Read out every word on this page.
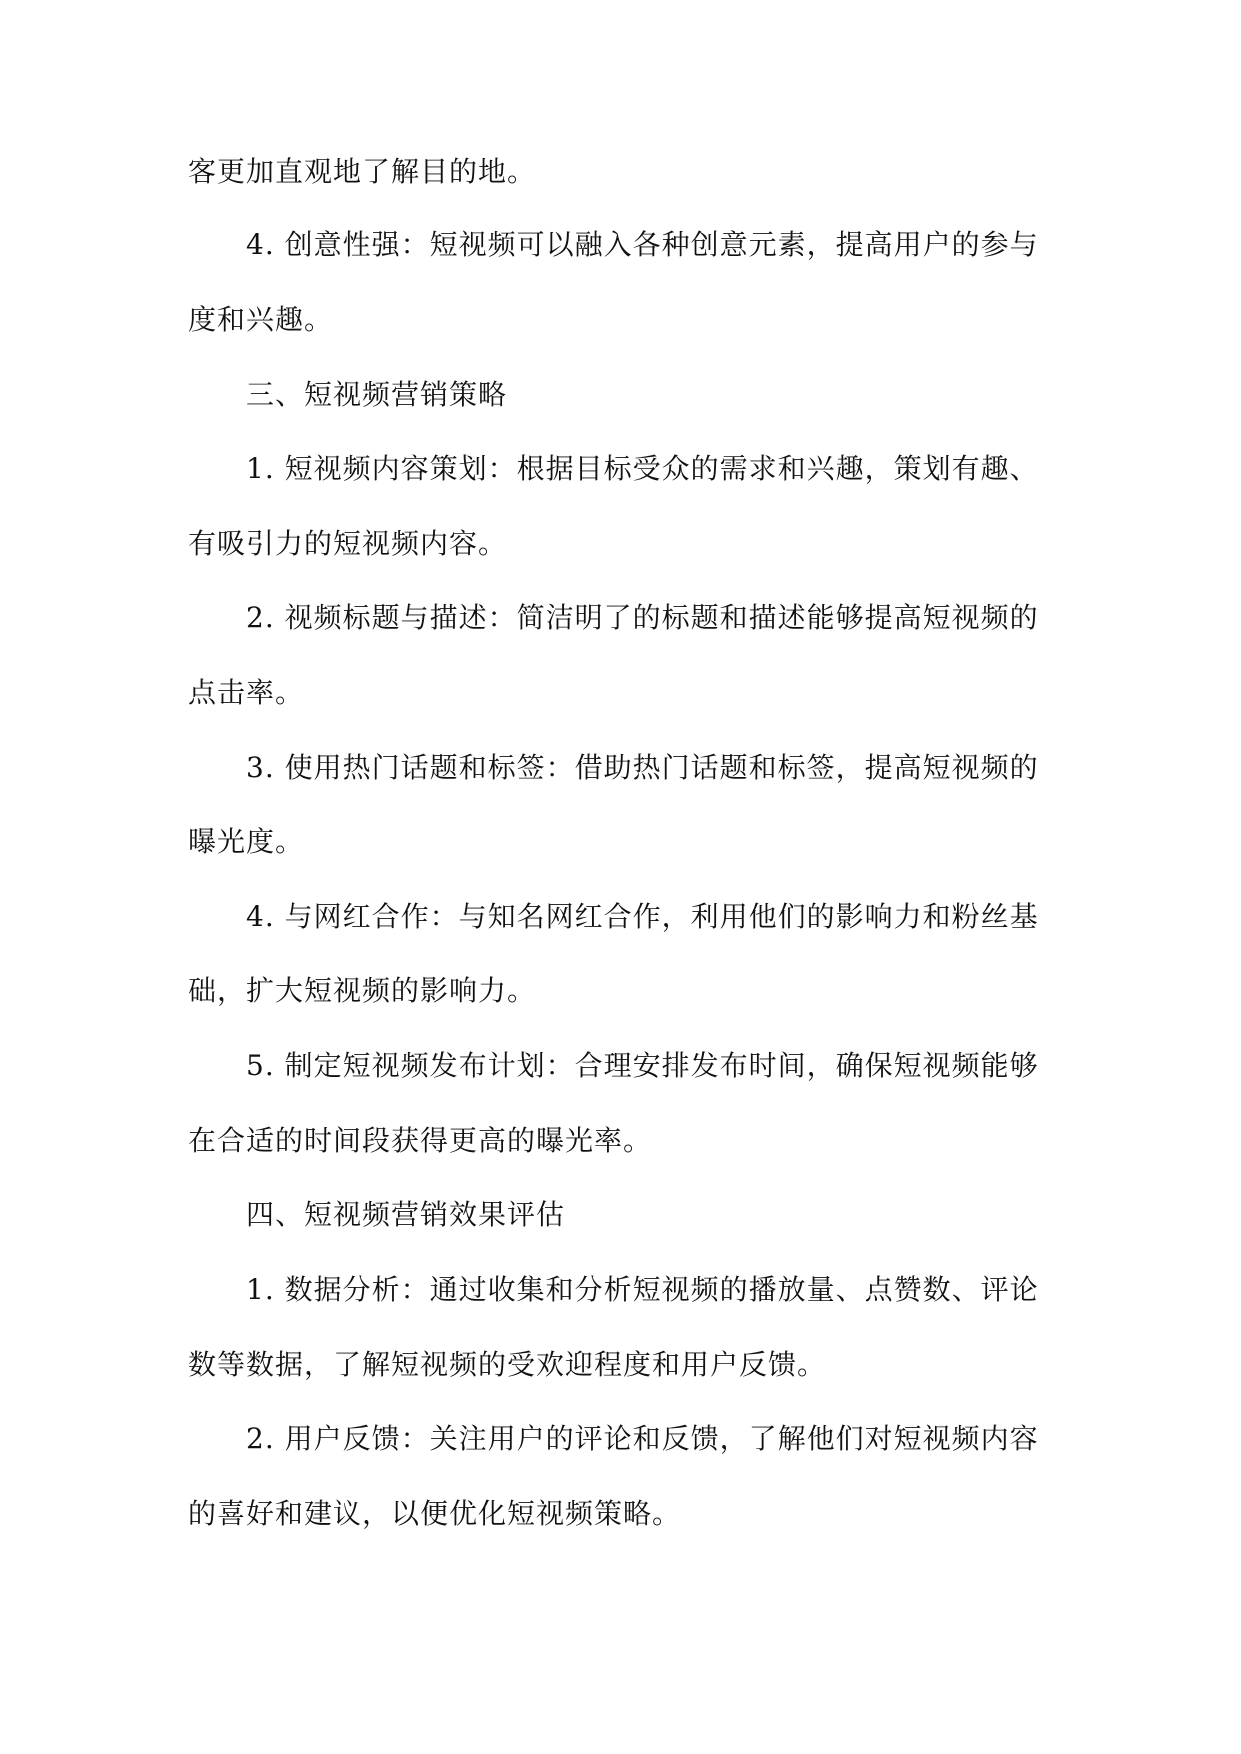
客更加直观地了解目的地。
4. 创意性强：短视频可以融入各种创意元素，提高用户的参与
度和兴趣。
三、短视频营销策略
1. 短视频内容策划：根据目标受众的需求和兴趣，策划有趣、
有吸引力的短视频内容。
2. 视频标题与描述：简洁明了的标题和描述能够提高短视频的
点击率。
3. 使用热门话题和标签：借助热门话题和标签，提高短视频的
曝光度。
4. 与网红合作：与知名网红合作，利用他们的影响力和粉丝基
础，扩大短视频的影响力。
5. 制定短视频发布计划：合理安排发布时间，确保短视频能够
在合适的时间段获得更高的曝光率。
四、短视频营销效果评估
1. 数据分析：通过收集和分析短视频的播放量、点赞数、评论
数等数据，了解短视频的受欢迎程度和用户反馈。
2. 用户反馈：关注用户的评论和反馈，了解他们对短视频内容
的喜好和建议，以便优化短视频策略。
